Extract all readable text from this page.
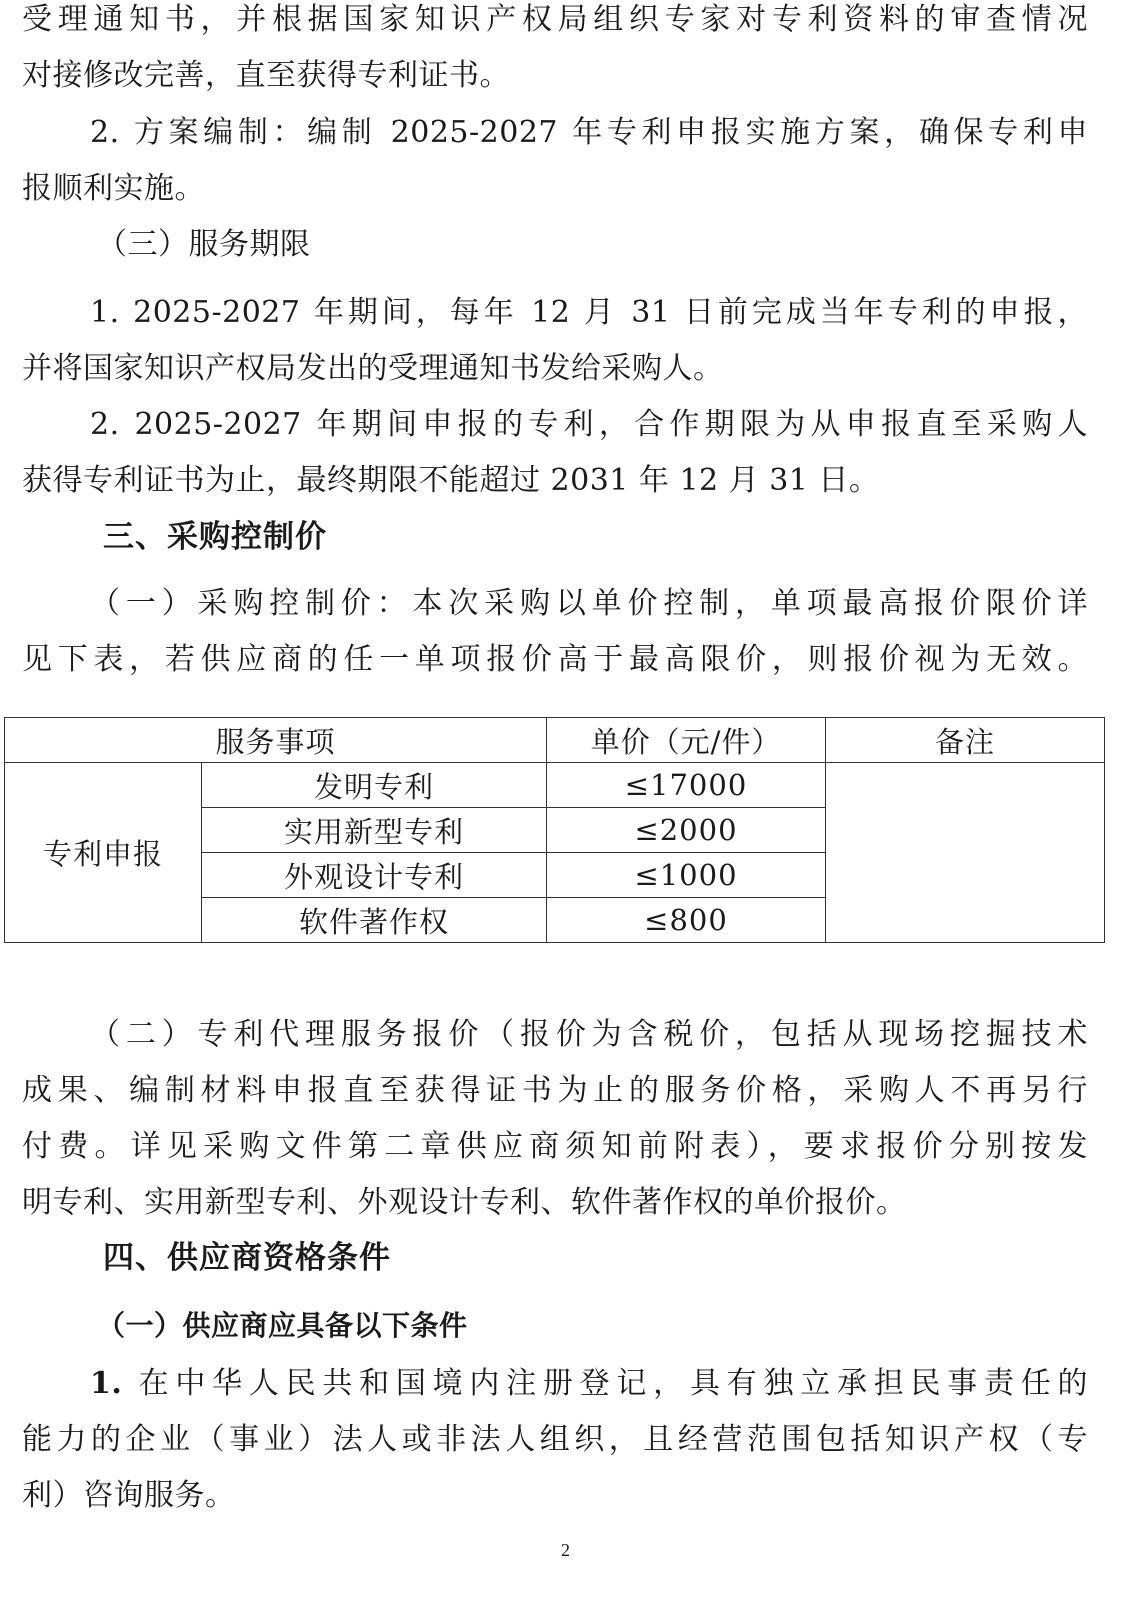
受理通知书，并根据国家知识产权局组织专家对专利资料的审查情况
对接修改完善，直至获得专利证书。
2. 方案编制：编制 2025-2027 年专利申报实施方案，确保专利申
报顺利实施。
（三）服务期限
1. 2025-2027 年期间，每年 12 月 31 日前完成当年专利的申报，
并将国家知识产权局发出的受理通知书发给采购人。
2. 2025-2027 年期间申报的专利，合作期限为从申报直至采购人
获得专利证书为止，最终期限不能超过 2031 年 12 月 31 日。
三、采购控制价
（一）采购控制价：本次采购以单价控制，单项最高报价限价详
见下表，若供应商的任一单项报价高于最高限价，则报价视为无效。
服务事项		单价（元/件）	备注
专利申报	发明专利	≤17000	
	实用新型专利	≤2000	
	外观设计专利	≤1000	
	软件著作权	≤800	
（二）专利代理服务报价（报价为含税价，包括从现场挖掘技术
成果、编制材料申报直至获得证书为止的服务价格，采购人不再另行
付费。详见采购文件第二章供应商须知前附表），要求报价分别按发
明专利、实用新型专利、外观设计专利、软件著作权的单价报价。
四、供应商资格条件
（一）供应商应具备以下条件
1. 在中华人民共和国境内注册登记，具有独立承担民事责任的
能力的企业（事业）法人或非法人组织，且经营范围包括知识产权（专
利）咨询服务。
2
